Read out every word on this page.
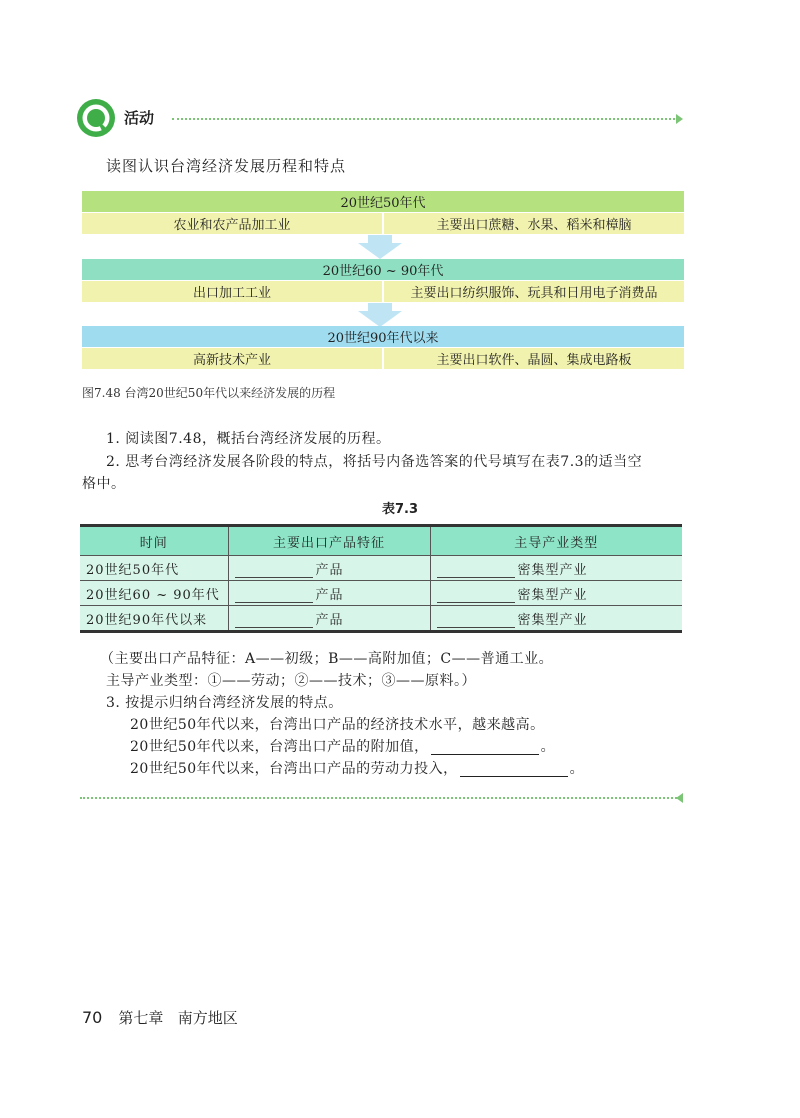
活动
读图认识台湾经济发展历程和特点
20世纪50年代
农业和农产品加工业	主要出口蔗糖、水果、稻米和樟脑
20世纪60 ~ 90年代
出口加工工业	主要出口纺织服饰、玩具和日用电子消费品
20世纪90年代以来
高新技术产业	主要出口软件、晶圆、集成电路板
图7.48 台湾20世纪50年代以来经济发展的历程
1. 阅读图7.48，概括台湾经济发展的历程。
2. 思考台湾经济发展各阶段的特点，将括号内备选答案的代号填写在表7.3的适当空
格中。
表7.3
时间	主要出口产品特征	主导产业类型
20世纪50年代	产品	密集型产业
20世纪60 ~ 90年代	产品	密集型产业
20世纪90年代以来	产品	密集型产业
（主要出口产品特征：A——初级；B——高附加值；C——普通工业。
主导产业类型：①——劳动；②——技术；③——原料。）
3. 按提示归纳台湾经济发展的特点。
20世纪50年代以来，台湾出口产品的经济技术水平，越来越高。
20世纪50年代以来，台湾出口产品的附加值，	。
20世纪50年代以来，台湾出口产品的劳动力投入，	。
70 第七章 南方地区
